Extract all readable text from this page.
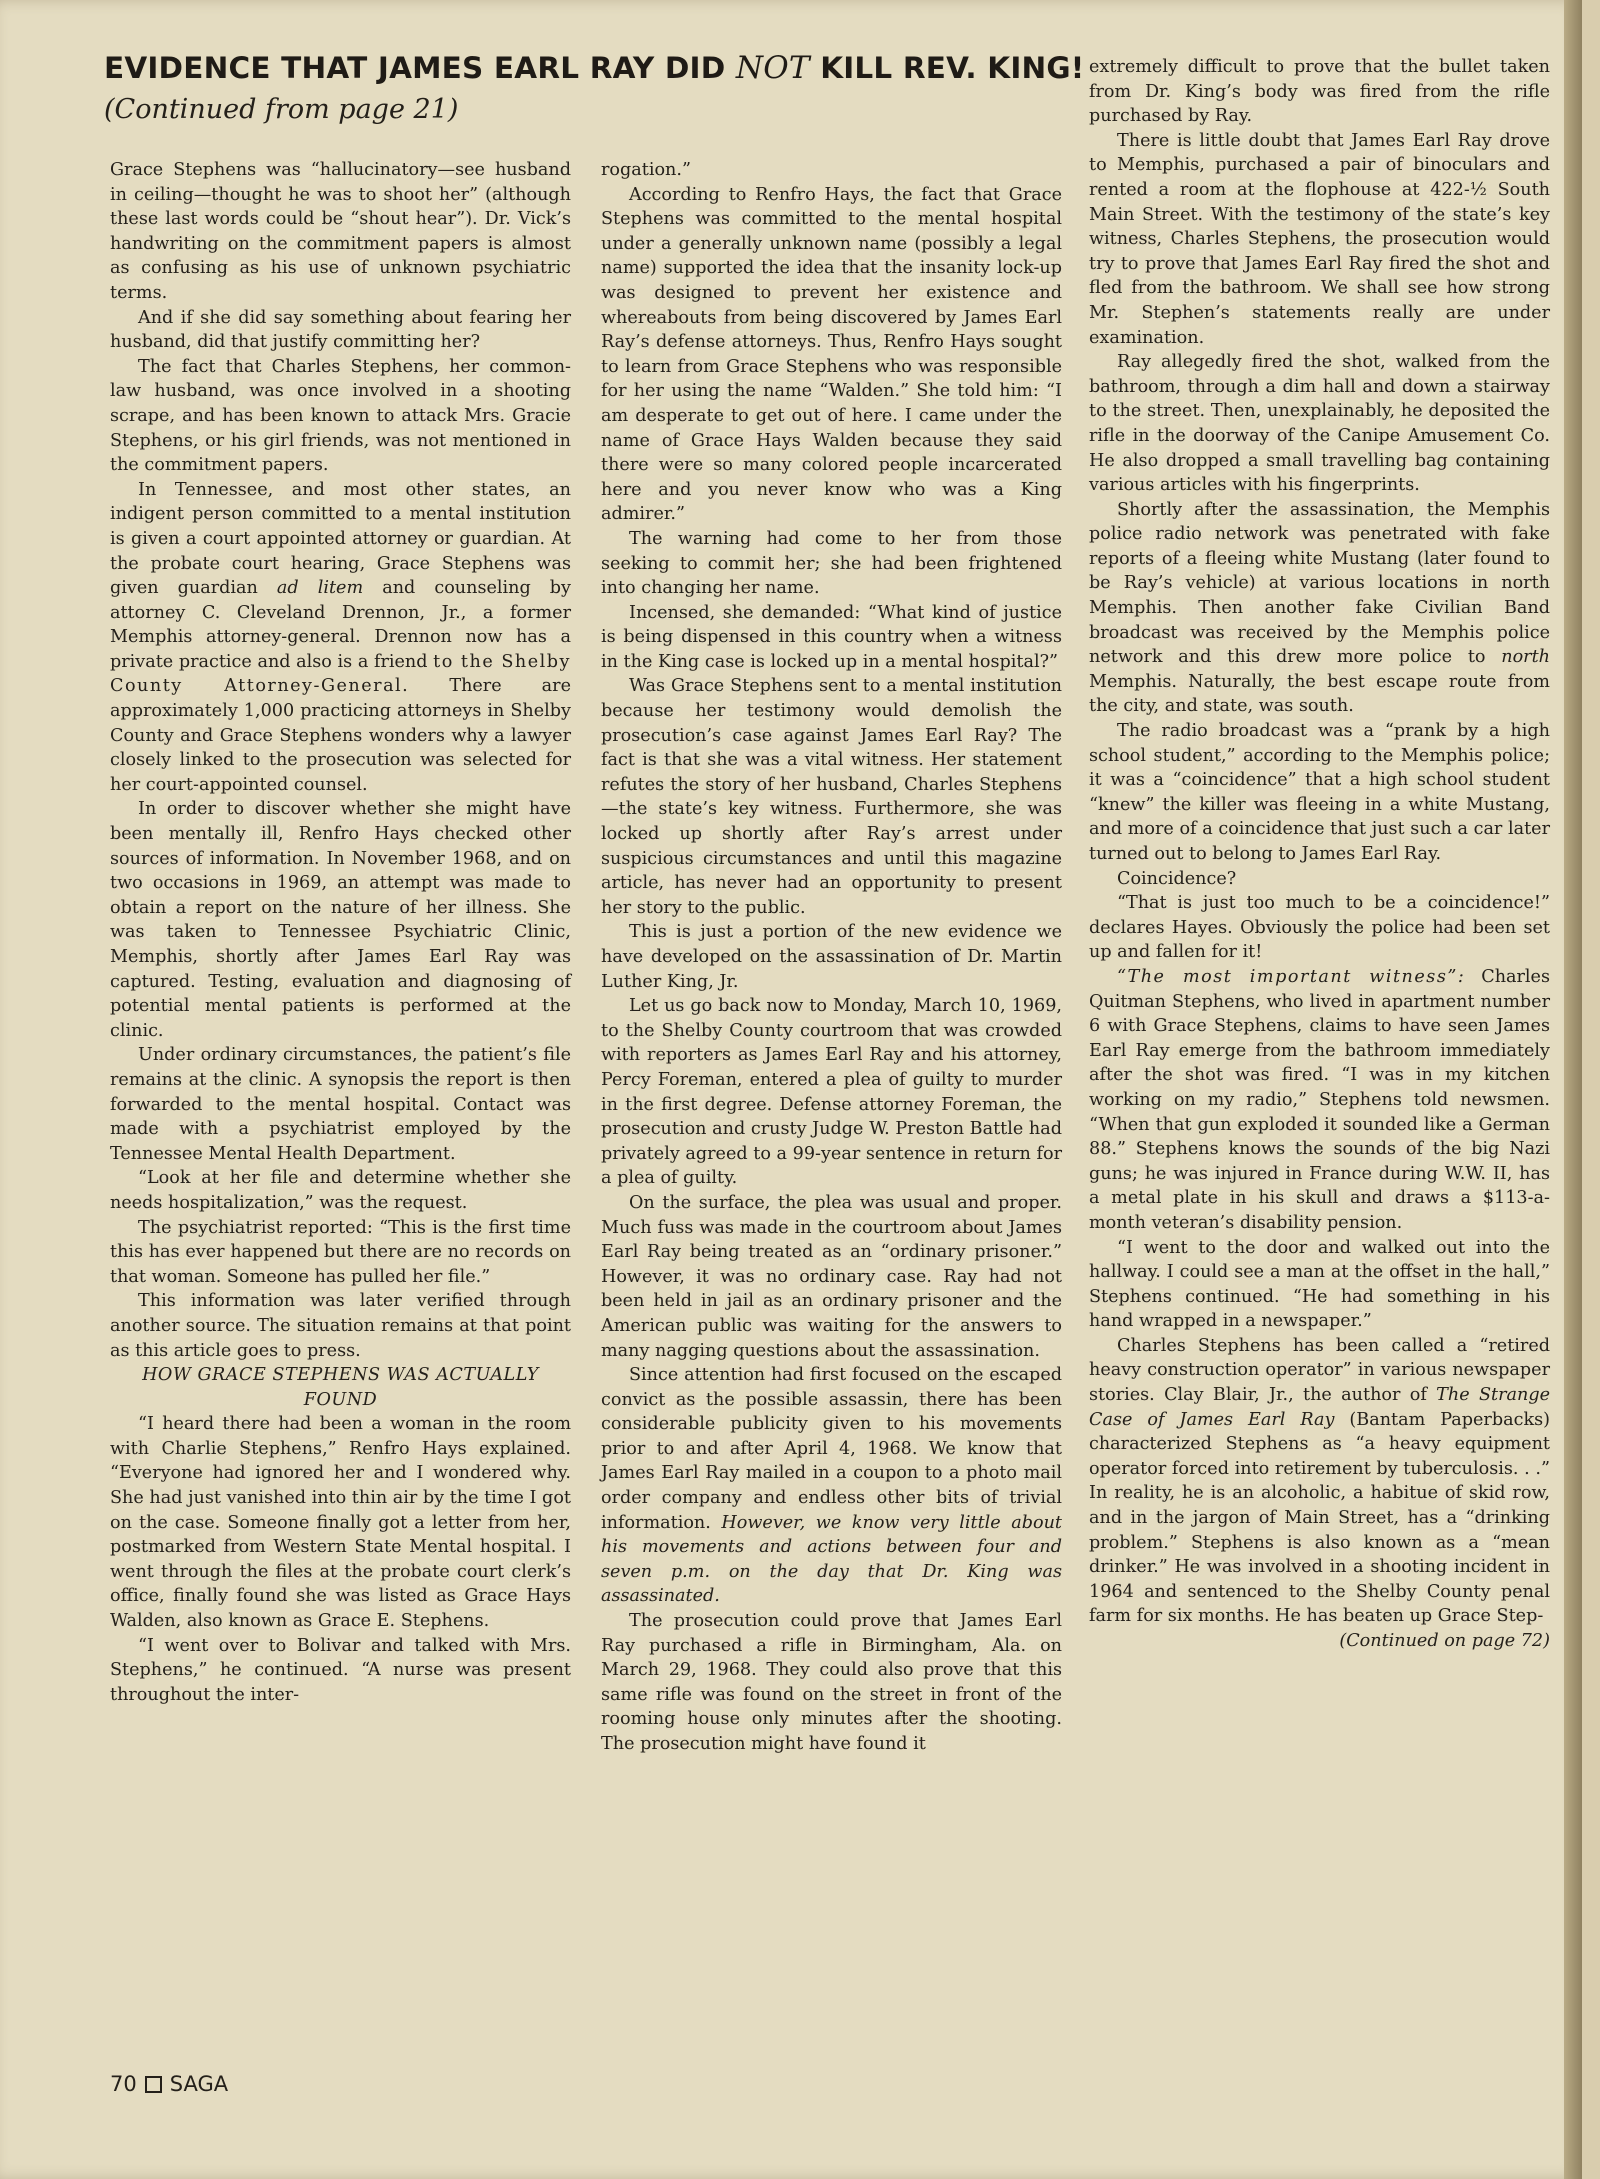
EVIDENCE THAT JAMES EARL RAY DID NOT KILL REV. KING!

(Continued from page 21)

Grace Stephens was “hallucinatory—see husband in ceiling—thought he was to shoot her” (although these last words could be “shout hear”). Dr. Vick’s handwriting on the commitment papers is almost as confusing as his use of unknown psychiatric terms.

And if she did say something about fearing her husband, did that justify committing her?

The fact that Charles Stephens, her common-law husband, was once involved in a shooting scrape, and has been known to attack Mrs. Gracie Stephens, or his girl friends, was not mentioned in the commitment papers.

In Tennessee, and most other states, an indigent person committed to a mental institution is given a court appointed attorney or guardian. At the probate court hearing, Grace Stephens was given guardian ad litem and counseling by attorney C. Cleveland Drennon, Jr., a former Memphis attorney-general. Drennon now has a private practice and also is a friend to the Shelby County Attorney-General. There are approximately 1,000 practicing attorneys in Shelby County and Grace Stephens wonders why a lawyer closely linked to the prosecution was selected for her court-appointed counsel.

In order to discover whether she might have been mentally ill, Renfro Hays checked other sources of information. In November 1968, and on two occasions in 1969, an attempt was made to obtain a report on the nature of her illness. She was taken to Tennessee Psychiatric Clinic, Memphis, shortly after James Earl Ray was captured. Testing, evaluation and diagnosing of potential mental patients is performed at the clinic.

Under ordinary circumstances, the patient’s file remains at the clinic. A synopsis the report is then forwarded to the mental hospital. Contact was made with a psychiatrist employed by the Tennessee Mental Health Department.

“Look at her file and determine whether she needs hospitalization,” was the request.

The psychiatrist reported: “This is the first time this has ever happened but there are no records on that woman. Someone has pulled her file.”

This information was later verified through another source. The situation remains at that point as this article goes to press.

HOW GRACE STEPHENS WAS ACTUALLY FOUND

“I heard there had been a woman in the room with Charlie Stephens,” Renfro Hays explained. “Everyone had ignored her and I wondered why. She had just vanished into thin air by the time I got on the case. Someone finally got a letter from her, postmarked from Western State Mental hospital. I went through the files at the probate court clerk’s office, finally found she was listed as Grace Hays Walden, also known as Grace E. Stephens.

“I went over to Bolivar and talked with Mrs. Stephens,” he continued. “A nurse was present throughout the inter-

rogation.”

According to Renfro Hays, the fact that Grace Stephens was committed to the mental hospital under a generally unknown name (possibly a legal name) supported the idea that the insanity lock-up was designed to prevent her existence and whereabouts from being discovered by James Earl Ray’s defense attorneys. Thus, Renfro Hays sought to learn from Grace Stephens who was responsible for her using the name “Walden.” She told him: “I am desperate to get out of here. I came under the name of Grace Hays Walden because they said there were so many colored people incarcerated here and you never know who was a King admirer.”

The warning had come to her from those seeking to commit her; she had been frightened into changing her name.

Incensed, she demanded: “What kind of justice is being dispensed in this country when a witness in the King case is locked up in a mental hospital?”

Was Grace Stephens sent to a mental institution because her testimony would demolish the prosecution’s case against James Earl Ray? The fact is that she was a vital witness. Her statement refutes the story of her husband, Charles Stephens—the state’s key witness. Furthermore, she was locked up shortly after Ray’s arrest under suspicious circumstances and until this magazine article, has never had an opportunity to present her story to the public.

This is just a portion of the new evidence we have developed on the assassination of Dr. Martin Luther King, Jr.

Let us go back now to Monday, March 10, 1969, to the Shelby County courtroom that was crowded with reporters as James Earl Ray and his attorney, Percy Foreman, entered a plea of guilty to murder in the first degree. Defense attorney Foreman, the prosecution and crusty Judge W. Preston Battle had privately agreed to a 99-year sentence in return for a plea of guilty.

On the surface, the plea was usual and proper. Much fuss was made in the courtroom about James Earl Ray being treated as an “ordinary prisoner.” However, it was no ordinary case. Ray had not been held in jail as an ordinary prisoner and the American public was waiting for the answers to many nagging questions about the assassination.

Since attention had first focused on the escaped convict as the possible assassin, there has been considerable publicity given to his movements prior to and after April 4, 1968. We know that James Earl Ray mailed in a coupon to a photo mail order company and endless other bits of trivial information. However, we know very little about his movements and actions between four and seven p.m. on the day that Dr. King was assassinated.

The prosecution could prove that James Earl Ray purchased a rifle in Birmingham, Ala. on March 29, 1968. They could also prove that this same rifle was found on the street in front of the rooming house only minutes after the shooting. The prosecution might have found it

extremely difficult to prove that the bullet taken from Dr. King’s body was fired from the rifle purchased by Ray.

There is little doubt that James Earl Ray drove to Memphis, purchased a pair of binoculars and rented a room at the flophouse at 422-½ South Main Street. With the testimony of the state’s key witness, Charles Stephens, the prosecution would try to prove that James Earl Ray fired the shot and fled from the bathroom. We shall see how strong Mr. Stephen’s statements really are under examination.

Ray allegedly fired the shot, walked from the bathroom, through a dim hall and down a stairway to the street. Then, unexplainably, he deposited the rifle in the doorway of the Canipe Amusement Co. He also dropped a small travelling bag containing various articles with his fingerprints.

Shortly after the assassination, the Memphis police radio network was penetrated with fake reports of a fleeing white Mustang (later found to be Ray’s vehicle) at various locations in north Memphis. Then another fake Civilian Band broadcast was received by the Memphis police network and this drew more police to north Memphis. Naturally, the best escape route from the city, and state, was south.

The radio broadcast was a “prank by a high school student,” according to the Memphis police; it was a “coincidence” that a high school student “knew” the killer was fleeing in a white Mustang, and more of a coincidence that just such a car later turned out to belong to James Earl Ray.

Coincidence?

“That is just too much to be a coincidence!” declares Hayes. Obviously the police had been set up and fallen for it!

“The most important witness”: Charles Quitman Stephens, who lived in apartment number 6 with Grace Stephens, claims to have seen James Earl Ray emerge from the bathroom immediately after the shot was fired. “I was in my kitchen working on my radio,” Stephens told newsmen. “When that gun exploded it sounded like a German 88.” Stephens knows the sounds of the big Nazi guns; he was injured in France during W.W. II, has a metal plate in his skull and draws a $113-a-month veteran’s disability pension.

“I went to the door and walked out into the hallway. I could see a man at the offset in the hall,” Stephens continued. “He had something in his hand wrapped in a newspaper.”

Charles Stephens has been called a “retired heavy construction operator” in various newspaper stories. Clay Blair, Jr., the author of The Strange Case of James Earl Ray (Bantam Paperbacks) characterized Stephens as “a heavy equipment operator forced into retirement by tuberculosis. . .” In reality, he is an alcoholic, a habitue of skid row, and in the jargon of Main Street, has a “drinking problem.” Stephens is also known as a “mean drinker.” He was involved in a shooting incident in 1964 and sentenced to the Shelby County penal farm for six months. He has beaten up Grace Step-

(Continued on page 72)

70 SAGA
